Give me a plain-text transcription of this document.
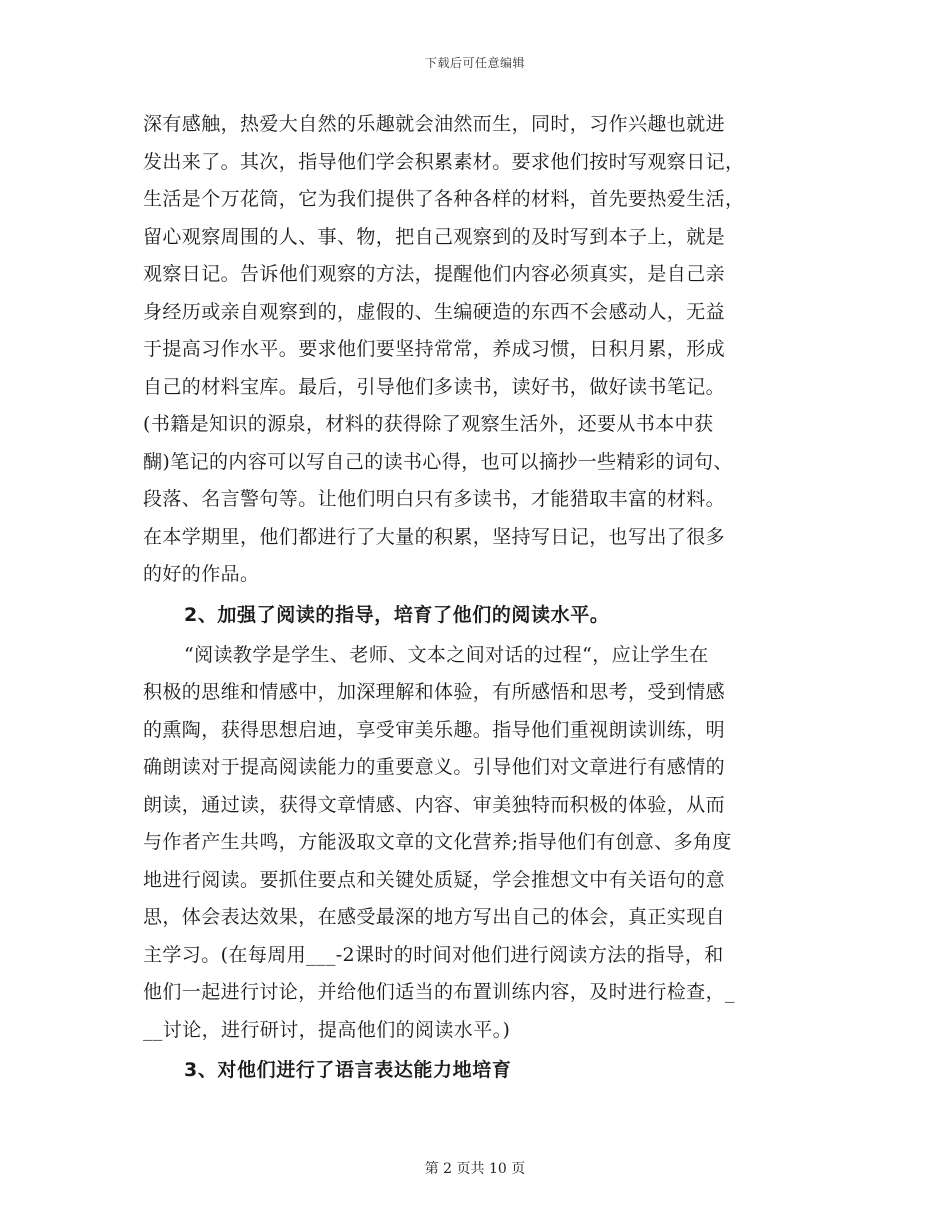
下载后可任意编辑
深有感触，热爱大自然的乐趣就会油然而生，同时，习作兴趣也就进
发出来了。其次，指导他们学会积累素材。要求他们按时写观察日记，
生活是个万花筒，它为我们提供了各种各样的材料，首先要热爱生活，
留心观察周围的人、事、物，把自己观察到的及时写到本子上，就是
观察日记。告诉他们观察的方法，提醒他们内容必须真实，是自己亲
身经历或亲自观察到的，虚假的、生编硬造的东西不会感动人，无益
于提高习作水平。要求他们要坚持常常，养成习惯，日积月累，形成
自己的材料宝库。最后，引导他们多读书，读好书，做好读书笔记。
(书籍是知识的源泉，材料的获得除了观察生活外，还要从书本中获
醐)笔记的内容可以写自己的读书心得，也可以摘抄一些精彩的词句、
段落、名言警句等。让他们明白只有多读书，才能猎取丰富的材料。
在本学期里，他们都进行了大量的积累，坚持写日记，也写出了很多
的好的作品。
2、加强了阅读的指导，培育了他们的阅读水平。
“阅读教学是学生、老师、文本之间对话的过程“，应让学生在
积极的思维和情感中，加深理解和体验，有所感悟和思考，受到情感
的熏陶，获得思想启迪，享受审美乐趣。指导他们重视朗读训练，明
确朗读对于提高阅读能力的重要意义。引导他们对文章进行有感情的
朗读，通过读，获得文章情感、内容、审美独特而积极的体验，从而
与作者产生共鸣，方能汲取文章的文化营养;指导他们有创意、多角度
地进行阅读。要抓住要点和关键处质疑，学会推想文中有关语句的意
思，体会表达效果，在感受最深的地方写出自己的体会，真正实现自
主学习。(在每周用___-2课时的时间对他们进行阅读方法的指导，和
他们一起进行讨论，并给他们适当的布置训练内容，及时进行检查，_
__讨论，进行研讨，提高他们的阅读水平。)
3、对他们进行了语言表达能力地培育
第 2 页共 10 页
